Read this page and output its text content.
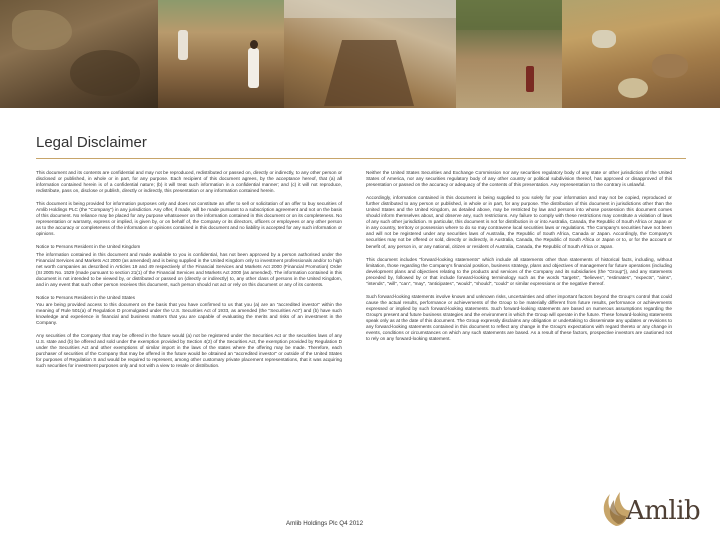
Legal Disclaimer

This document and its contents are confidential and may not be reproduced, redistributed or passed on, directly or indirectly, to any other person or disclosed or published, in whole or in part, for any purpose. Each recipient of this document agrees, by the acceptance hereof, that (a) all information contained herein is of a confidential nature; (b) it will treat such information in a confidential manner; and (c) it will not reproduce, redistribute, pass on, disclose or publish, directly or indirectly, this presentation or any information contained herein.

This document is being provided for information purposes only and does not constitute an offer to sell or solicitation of an offer to buy securities of Amlib Holdings PLC (the "Company") in any jurisdiction. Any offer, if made, will be made pursuant to a subscription agreement and not on the basis of this document. No reliance may be placed for any purpose whatsoever on the information contained in this document or on its completeness. No representation or warranty, express or implied, is given by, or on behalf of, the Company or its directors, officers or employees or any other person as to the accuracy or completeness of the information or opinions contained in this document and no liability is accepted for any such information or opinions.

Notice to Persons Resident in the United Kingdom

The information contained in this document and made available to you is confidential, has not been approved by a person authorised under the Financial Services and Markets Act 2000 (as amended) and is being supplied in the United Kingdom only to investment professionals and/or to high net worth companies as described in Articles 19 and 49 respectively of the Financial Services and Markets Act 2000 (Financial Promotion) Order (SI 2005 No. 1529 (made pursuant to section 21(1) of the Financial Services and Markets Act 2000 (as amended). The information contained in this document is not intended to be viewed by, or distributed or passed on (directly or indirectly) to, any other class of persons in the United Kingdom, and in any event that such other person receives this document, such person should not act or rely on this document or any of its contents.

Notice to Persons Resident in the United States

You are being provided access to this document on the basis that you have confirmed to us that you (a) are an "accredited investor" within the meaning of Rule 501(a) of Regulation D promulgated under the U.S. Securities Act of 1933, as amended (the "Securities Act") and (b) have such knowledge and experience in financial and business matters that you are capable of evaluating the merits and risks of an investment in the Company.

Any securities of the Company that may be offered in the future would (a) not be registered under the Securities Act or the securities laws of any U.S. state and (b) be offered and sold under the exemption provided by Section 4(2) of the Securities Act, the exemption provided by Regulation D under the Securities Act and other exemptions of similar import in the laws of the states where the offering may be made. Therefore, each purchaser of securities of the Company that may be offered in the future would be obtained an "accredited investor" or outside of the United States for purposes of Regulation S and would be required to represent, among other customary private placement representations, that it was acquiring such securities for investment purposes only and not with a view to resale or distribution.

Neither the United States Securities and Exchange Commission nor any securities regulatory body of any state or other jurisdiction of the United States of America, nor any securities regulatory body of any other country or political subdivision thereof, has approved or disapproved of this presentation or passed on the accuracy or adequacy of the contents of this presentation. Any representation to the contrary is unlawful.

Accordingly, information contained in this document is being supplied to you solely for your information and may not be copied, reproduced or further distributed to any person or published, in whole or in part, for any purpose. The distribution of this document in jurisdictions other than the United States and the United Kingdom, as detailed above, may be restricted by law and persons into whose possession this document comes should inform themselves about, and observe any, such restrictions. Any failure to comply with these restrictions may constitute a violation of laws of any such other jurisdiction. In particular, this document is not for distribution in or into Australia, Canada, the Republic of South Africa or Japan or in any country, territory or possession where to do so may contravene local securities laws or regulations. The Company's securities have not been and will not be registered under any securities laws of Australia, the Republic of South Africa, Canada or Japan. Accordingly, the Company's securities may not be offered or sold, directly or indirectly, in Australia, Canada, the Republic of South Africa or Japan or to, or for the account or benefit of, any person in, or any national, citizen or resident of Australia, Canada, the Republic of South Africa or Japan.

This document includes "forward-looking statements" which include all statements other than statements of historical facts, including, without limitation, those regarding the Company's financial position, business strategy, plans and objectives of management for future operations (including development plans and objectives relating to the products and services of the Company and its subsidiaries (the "Group")), and any statements preceded by, followed by or that include forward-looking terminology such as the words "targets", "believes", "estimates", "expects", "aims", "intends", "will", "can", "may", "anticipates", "would", "should", "could" or similar expressions or the negative thereof.

Such forward-looking statements involve known and unknown risks, uncertainties and other important factors beyond the Group's control that could cause the actual results, performance or achievements of the Group to be materially different from future results, performance or achievements expressed or implied by such forward-looking statements. Such forward-looking statements are based on numerous assumptions regarding the Group's present and future business strategies and the environment in which the Group will operate in the future. These forward-looking statements speak only as at the date of this document. The Group expressly disclaims any obligation or undertaking to disseminate any updates or revisions to any forward-looking statements contained in this document to reflect any change in the Group's expectations with regard thereto or any change in events, conditions or circumstances on which any such statements are based. As a result of these factors, prospective investors are cautioned not to rely on any forward-looking statement.

Amlib Holdings Plc Q4 2012	Amlib
